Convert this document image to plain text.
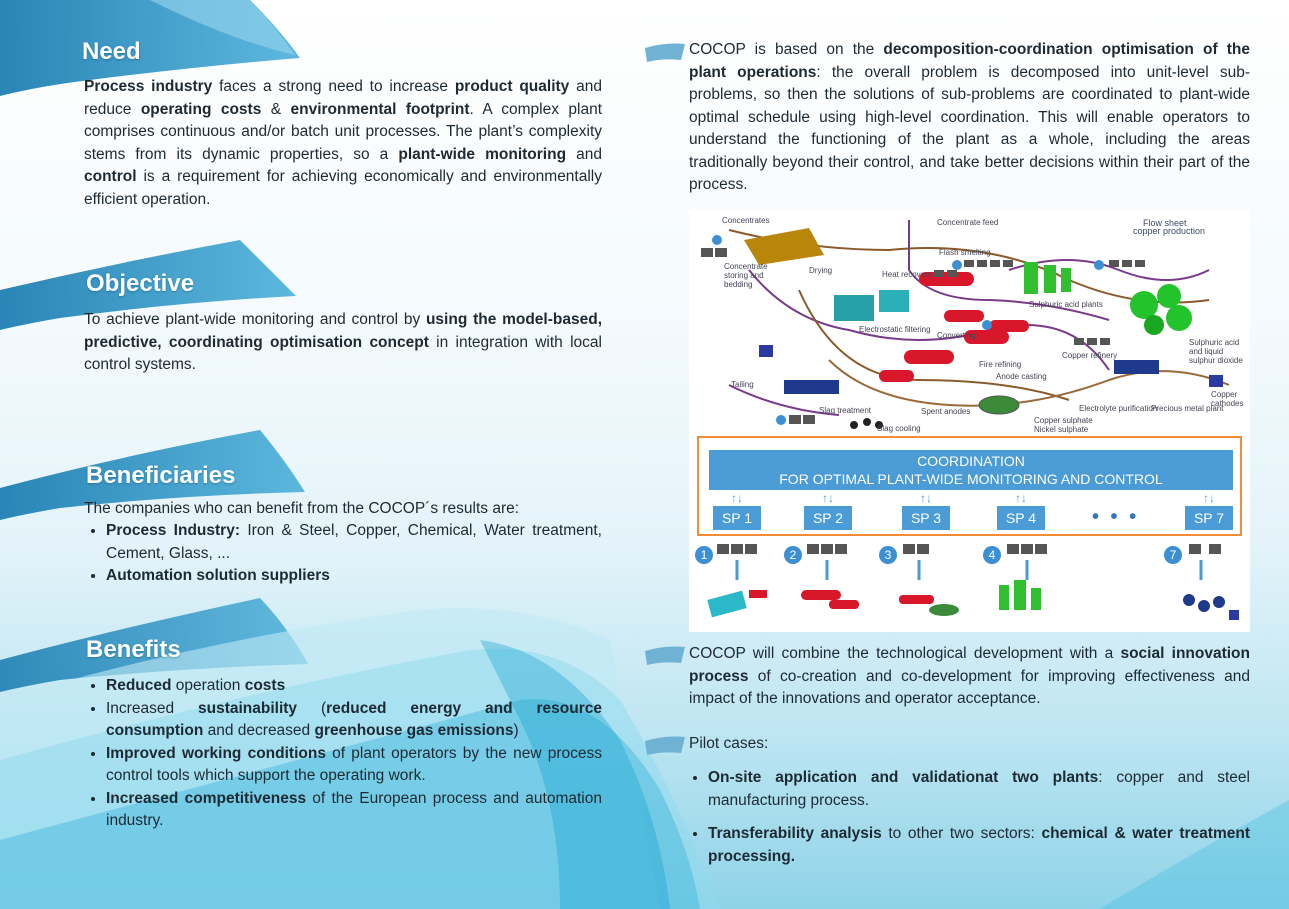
Need
Process industry faces a strong need to increase product quality and reduce operating costs & environmental footprint. A complex plant comprises continuous and/or batch unit processes. The plant’s complexity stems from its dynamic properties, so a plant-wide monitoring and control is a requirement for achieving economically and environmentally efficient operation.
Objective
To achieve plant-wide monitoring and control by using the model-based, predictive, coordinating optimisation concept in integration with local control systems.
Beneficiaries
The companies who can benefit from the COCOP´s results are:
• Process Industry: Iron & Steel, Copper, Chemical, Water treatment, Cement, Glass, ...
• Automation solution suppliers
Benefits
• Reduced operation costs
• Increased sustainability (reduced energy and resource consumption and decreased greenhouse gas emissions)
• Improved working conditions of plant operators by the new process control tools which support the operating work.
• Increased competitiveness of the European process and automation industry.
COCOP is based on the decomposition-coordination optimisation of the plant operations: the overall problem is decomposed into unit-level sub-problems, so then the solutions of sub-problems are coordinated to plant-wide optimal schedule using high-level coordination. This will enable operators to understand the functioning of the plant as a whole, including the areas traditionally beyond their control, and take better decisions within their part of the process.
Flow sheet
copper production
Concentrates	Concentrate feed
Flash smelting
Drying	Heat recovery
Sulphuric acid plants
Electrostatic filtering
Converting
Copper refinery
Fire refining
Anode casting
Tailing
Slag treatment
Slag cooling
Spent anodes	Electrolyte purification
Precious metal plant
Copper cathodes
Sulphuric acid and liquid sulphur dioxide
Copper sulphate Nickel sulphate
Concentrate storing and bedding
COORDINATION
FOR OPTIMAL PLANT-WIDE MONITORING AND CONTROL
↑↓	↑↓	↑↓	↑↓	↑↓
SP 1	SP 2	SP 3	SP 4	• • •	SP 7
1	2	3	4	7
COCOP will combine the technological development with a social innovation process of co-creation and co-development for improving effectiveness and impact of the innovations and operator acceptance.
Pilot cases:
• On-site application and validationat two plants: copper and steel manufacturing process.
• Transferability analysis to other two sectors: chemical & water treatment processing.
